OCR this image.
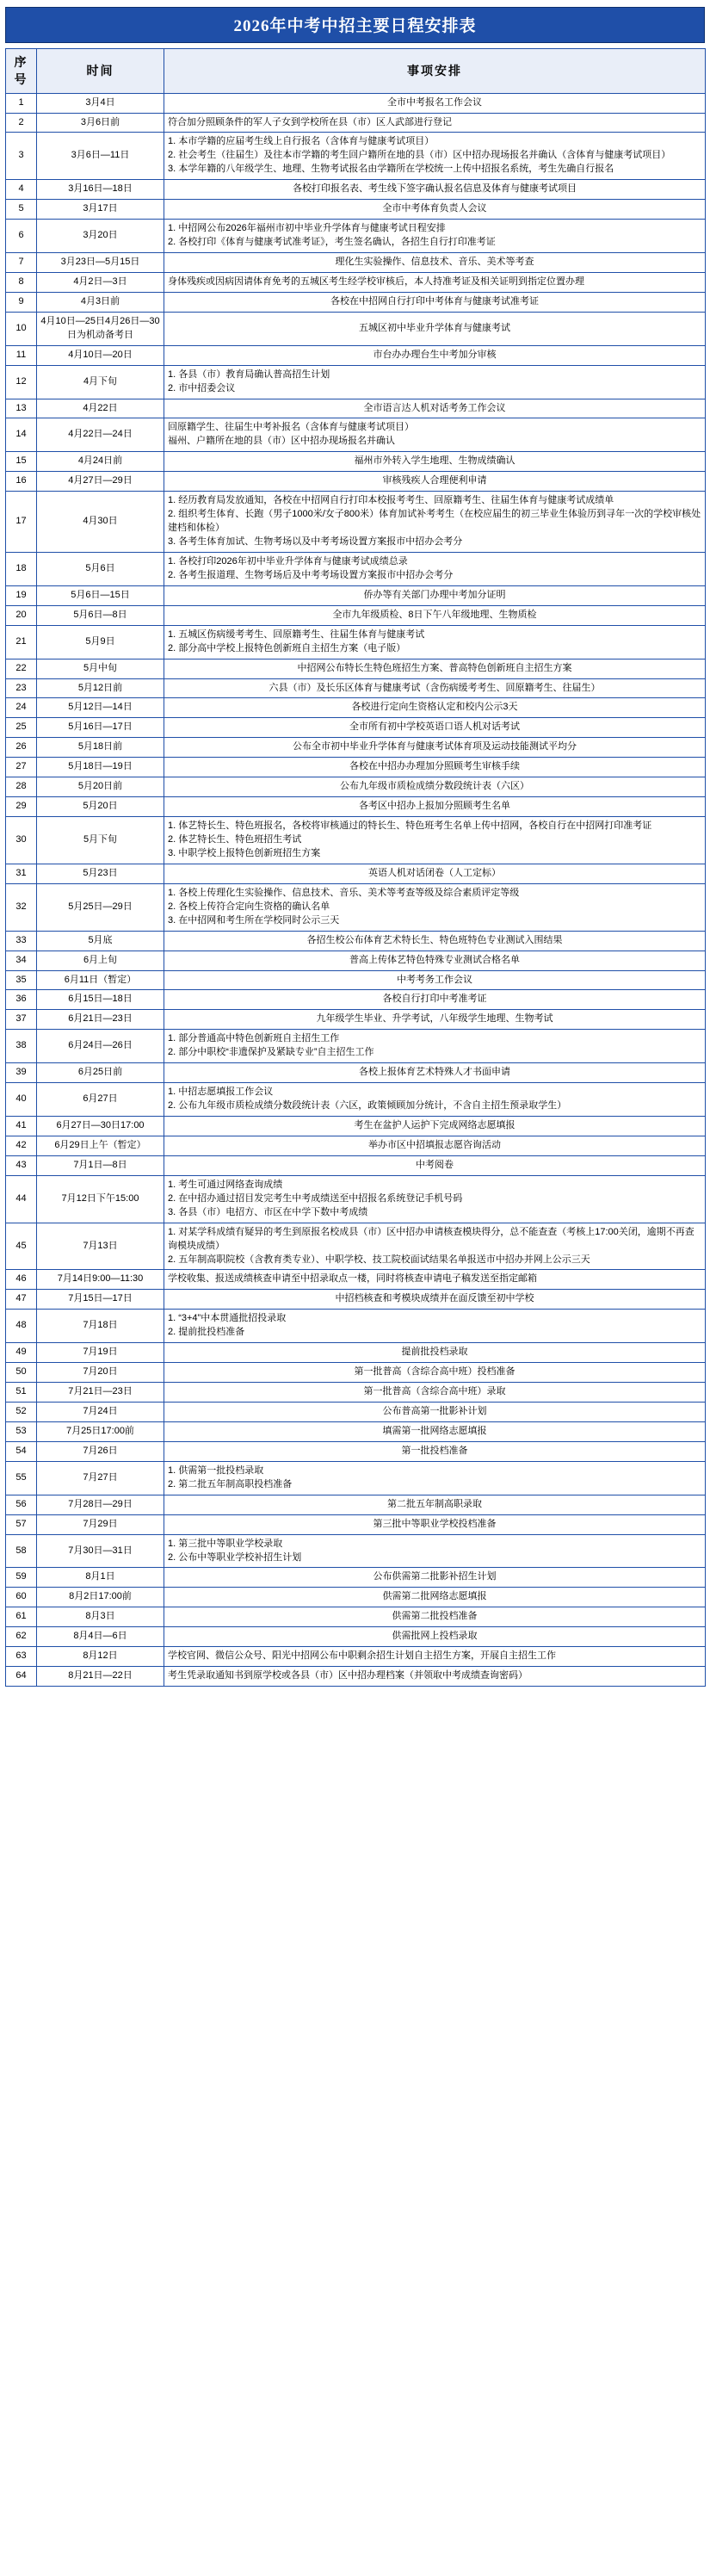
2026年中考中招主要日程安排表
序号	时间	事项安排
1	3月4日	全市中考报名工作会议

2	3月6日前	符合加分照顾条件的军人子女到学校所在县（市）区人武部进行登记

3	3月6日—11日	1. 本市学籍的应届考生线上自行报名（含体育与健康考试项目）
2. 社会考生（往届生）及往本市学籍的考生回户籍所在地的县（市）区中招办现场报名并确认（含体育与健康考试项目）
3. 本学年籍的八年级学生、地理、生物考试报名由学籍所在学校统一上传中招报名系统，考生先确自行报名

4	3月16日—18日	各校打印报名表、考生线下签字确认报名信息及体育与健康考试项目

5	3月17日	全市中考体育负责人会议

6	3月20日	1. 中招网公布2026年福州市初中毕业升学体育与健康考试日程安排
2. 各校打印《体育与健康考试准考证》，考生签名确认，各招生自行打印准考证

7	3月23日—5月15日	理化生实验操作、信息技术、音乐、美术等考查

8	4月2日—3日	身体残疾或因病因请体育免考的五城区考生经学校审核后，本人持准考证及相关证明到指定位置办理

9	4月3日前	各校在中招网自行打印中考体育与健康考试准考证

10	4月10日—25日4月26日—30日为机动备考日	五城区初中毕业升学体育与健康考试

11	4月10日—20日	市台办办理台生中考加分审核

12	4月下旬	1. 各县（市）教育局确认普高招生计划
2. 市中招委会议

13	4月22日	全市语言达人机对话考务工作会议

14	4月22日—24日	回原籍学生、往届生中考补报名（含体育与健康考试项目）
福州、户籍所在地的县（市）区中招办现场报名并确认

15	4月24日前	福州市外转入学生地理、生物成绩确认

16	4月27日—29日	审核残疾人合理便利申请

17	4月30日	1. 经历教育局发放通知，各校在中招网自行打印本校报考考生、回原籍考生、往届生体育与健康考试成绩单
2. 组织考生体育、长跑（男子1000米/女子800米）体育加试补考考生（在校应届生的初三毕业生体验历到寻年一次的学校审核处建档和体检）
3. 各考生体育加试、生物考场以及中考考场设置方案报市中招办会考分

18	5月6日	1. 各校打印2026年初中毕业升学体育与健康考试成绩总录
2. 各考生报道理、生物考场后及中考考场设置方案报市中招办会考分

19	5月6日—15日	侨办等有关部门办理中考加分证明

20	5月6日—8日	全市九年级质检、8日下午八年级地理、生物质检

21	5月9日	1. 五城区伤病缓考考生、回原籍考生、往届生体育与健康考试
2. 部分高中学校上报特色创新班自主招生方案（电子版）

22	5月中旬	中招网公布特长生特色班招生方案、普高特色创新班自主招生方案

23	5月12日前	六县（市）及长乐区体育与健康考试（含伤病缓考考生、回原籍考生、往届生）

24	5月12日—14日	各校进行定向生资格认定和校内公示3天

25	5月16日—17日	全市所有初中学校英语口语人机对话考试

26	5月18日前	公布全市初中毕业升学体育与健康考试体育项及运动技能测试平均分

27	5月18日—19日	各校在中招办办理加分照顾考生审核手续

28	5月20日前	公布九年级市质检成绩分数段统计表（六区）

29	5月20日	各考区中招办上报加分照顾考生名单

30	5月下旬	1. 体艺特长生、特色班报名，各校将审核通过的特长生、特色班考生名单上传中招网，各校自行在中招网打印准考证
2. 体艺特长生、特色班招生考试
3. 中职学校上报特色创新班招生方案

31	5月23日	英语人机对话闭卷（人工定标）

32	5月25日—29日	1. 各校上传理化生实验操作、信息技术、音乐、美术等考查等级及综合素质评定等级
2. 各校上传符合定向生资格的确认名单
3. 在中招网和考生所在学校同时公示三天

33	5月底	各招生校公布体育艺术特长生、特色班特色专业测试入围结果

34	6月上旬	普高上传体艺特色特殊专业测试合格名单

35	6月11日（暂定）	中考考务工作会议

36	6月15日—18日	各校自行打印中考准考证

37	6月21日—23日	九年级学生毕业、升学考试，八年级学生地理、生物考试

38	6月24日—26日	1. 部分普通高中特色创新班自主招生工作
2. 部分中职校“非遗保护及紧缺专业”自主招生工作

39	6月25日前	各校上报体育艺术特殊人才书面申请

40	6月27日	1. 中招志愿填报工作会议
2. 公布九年级市质检成绩分数段统计表（六区，政策倾顾加分统计，不含自主招生预录取学生）

41	6月27日—30日17:00	考生在盆护人运护下完成网络志愿填报

42	6月29日上午（暂定）	举办市区中招填报志愿咨询活动

43	7月1日—8日	中考阅卷

44	7月12日下午15:00	1. 考生可通过网络查询成绩
2. 在中招办通过招目发完考生中考成绩送至中招报名系统登记手机号码
3. 各县（市）电招方、市区在中学下数中考成绩

45	7月13日	1. 对某学科成绩有疑异的考生到原报名校成县（市）区中招办申请核查模块得分，总不能查查（考核上17:00关闭，逾期不再查询模块成绩）
2. 五年制高职院校（含教育类专业）、中职学校、技工院校面试结果名单报送市中招办并网上公示三天

46	7月14日9:00—11:30	学校收集、报送成绩核查申请至中招录取点一楼，同时将核查申请电子稿发送至指定邮箱

47	7月15日—17日	中招档核查和考模块成绩并在面反馈至初中学校

48	7月18日	1. “3+4”中本贯通批招投录取
2. 提前批投档准备

49	7月19日	提前批投档录取

50	7月20日	第一批普高（含综合高中班）投档准备

51	7月21日—23日	第一批普高（含综合高中班）录取

52	7月24日	公布普高第一批影补计划

53	7月25日17:00前	填需第一批网络志愿填报

54	7月26日	第一批投档准备

55	7月27日	1. 供需第一批投档录取
2. 第二批五年制高职投档准备

56	7月28日—29日	第二批五年制高职录取

57	7月29日	第三批中等职业学校投档准备

58	7月30日—31日	1. 第三批中等职业学校录取
2. 公布中等职业学校补招生计划

59	8月1日	公布供需第二批影补招生计划

60	8月2日17:00前	供需第二批网络志愿填报

61	8月3日	供需第二批投档准备

62	8月4日—6日	供需批网上投档录取

63	8月12日	学校官网、微信公众号、阳光中招网公布中职剩余招生计划自主招生方案，开展自主招生工作

64	8月21日—22日	考生凭录取通知书到原学校或各县（市）区中招办理档案（并领取中考成绩查询密码）
